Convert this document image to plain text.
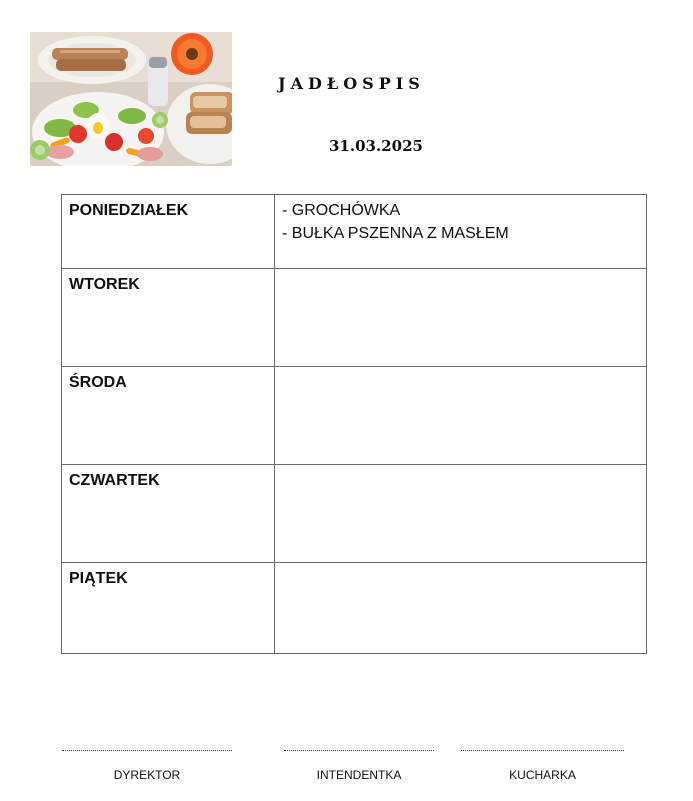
JADŁOSPIS
31.03.2025
PONIEDZIAŁEK	- GROCHÓWKA
- BUŁKA PSZENNA Z MASŁEM

WTOREK	
ŚRODA	
CZWARTEK	
PIĄTEK	
DYREKTOR	INTENDENTKA	KUCHARKA
